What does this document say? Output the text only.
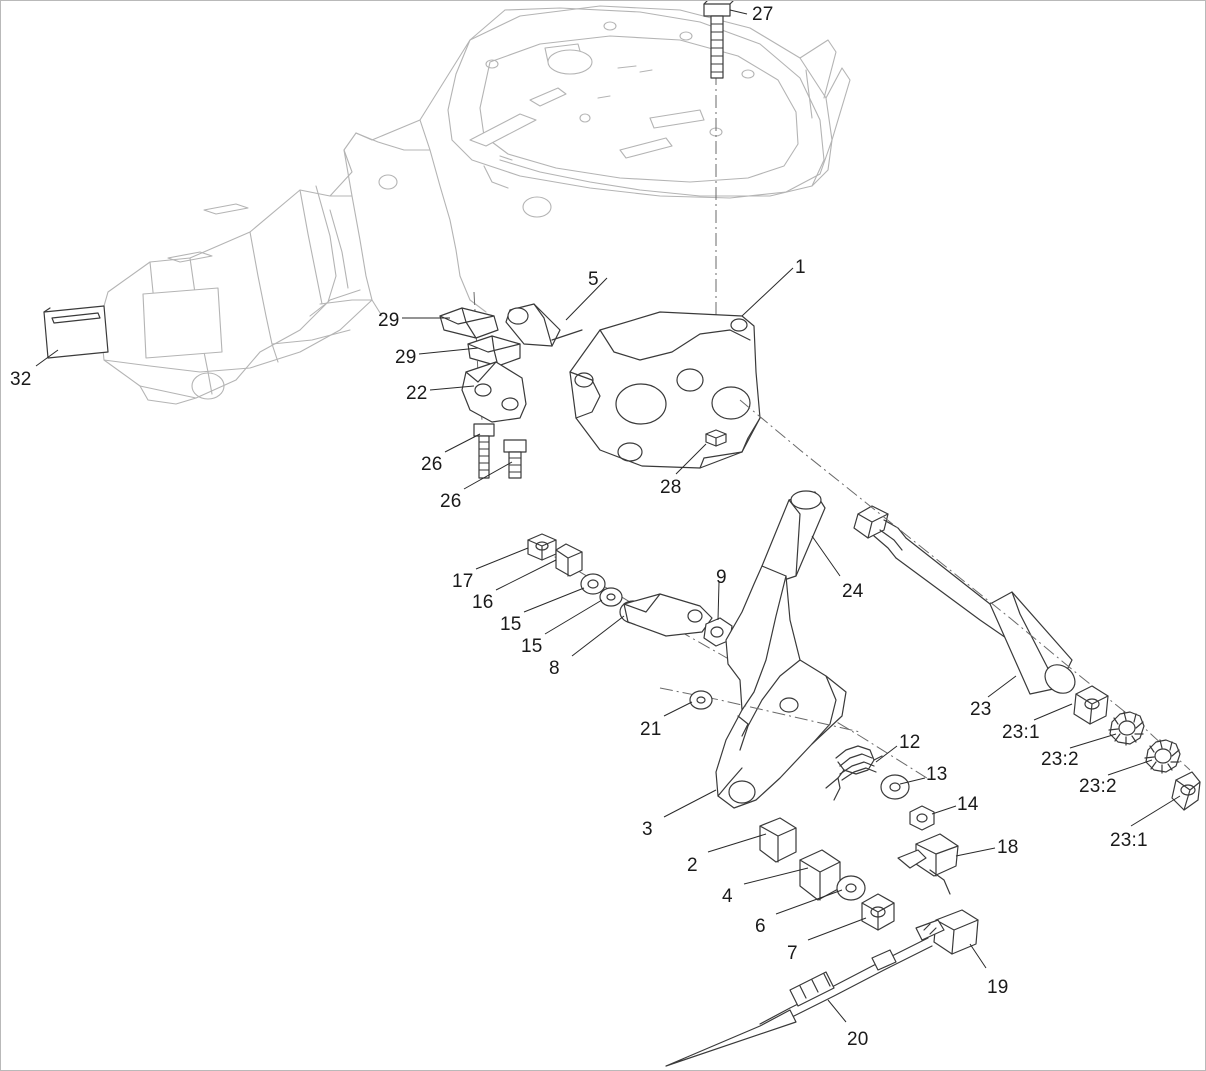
27
5
1
29
29
22
32
26
26
28
17
16
15
15
8
9
24
23
23:1
23:2
23:2
23:1
21
12
13
14
3
2
4
6
7
18
19
20
